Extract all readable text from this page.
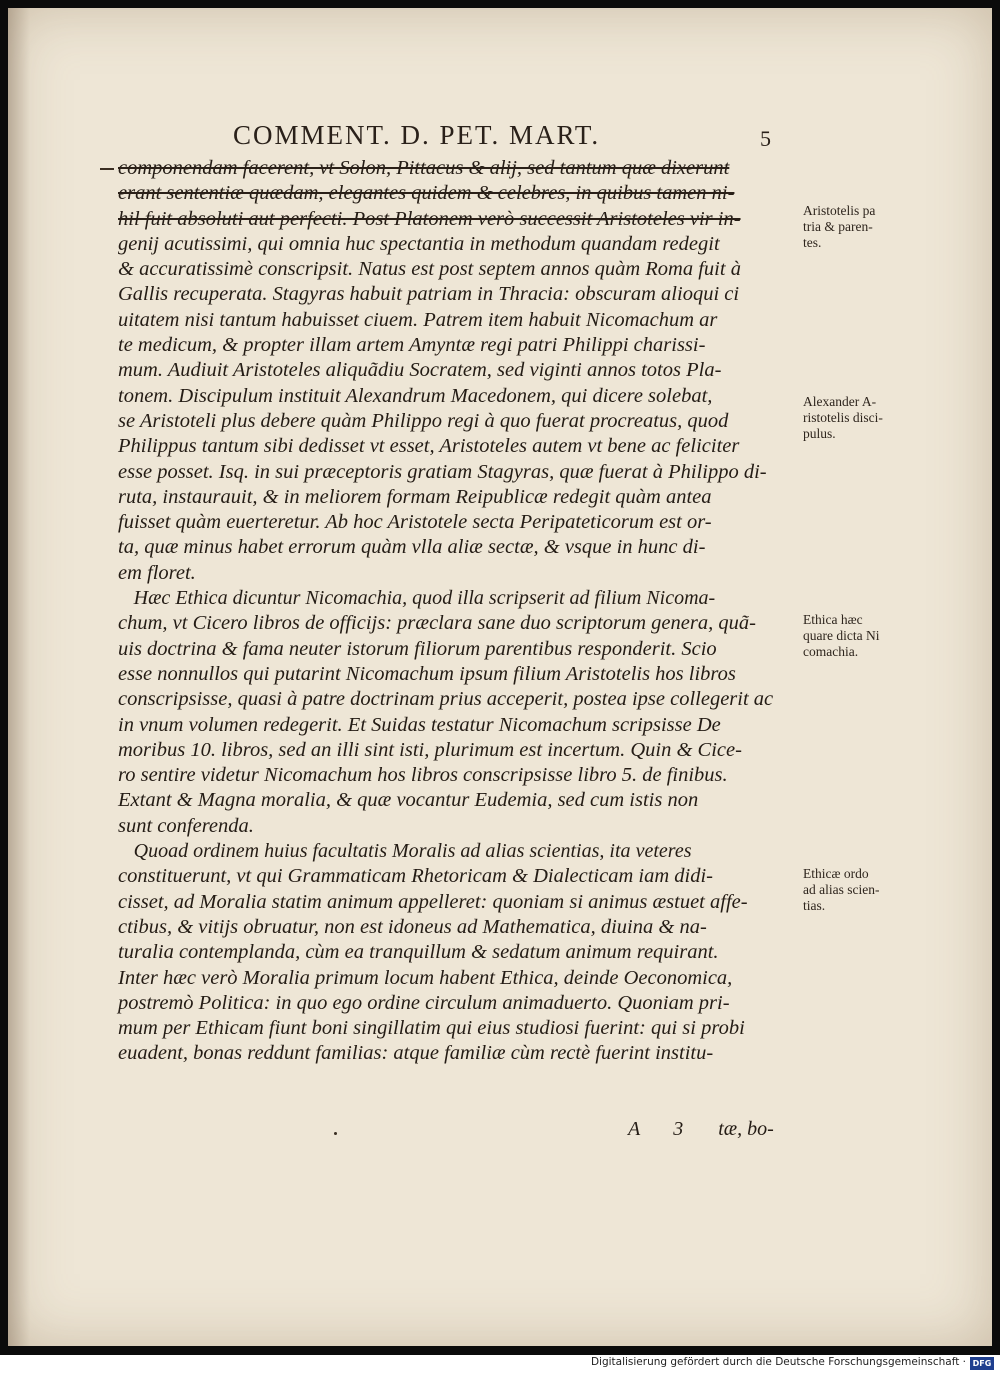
COMMENT. D. PET. MART.	5
componendam facerent, vt Solon, Pittacus & alij, sed tantum quæ dixerunt
erant sententiæ quædam, elegantes quidem & celebres, in quibus tamen ni-
hil fuit absoluti aut perfecti. Post Platonem verò successit Aristoteles vir in-
genij acutissimi, qui omnia huc spectantia in methodum quandam redegit
& accuratissimè conscripsit. Natus est post septem annos quàm Roma fuit à
Gallis recuperata. Stagyras habuit patriam in Thracia: obscuram alioqui ci
uitatem nisi tantum habuisset ciuem. Patrem item habuit Nicomachum ar
te medicum, & propter illam artem Amyntæ regi patri Philippi charissi-
mum. Audiuit Aristoteles aliquãdiu Socratem, sed viginti annos totos Pla-
tonem. Discipulum instituit Alexandrum Macedonem, qui dicere solebat,
se Aristoteli plus debere quàm Philippo regi à quo fuerat procreatus, quod
Philippus tantum sibi dedisset vt esset, Aristoteles autem vt bene ac feliciter
esse posset. Isq. in sui præceptoris gratiam Stagyras, quæ fuerat à Philippo di-
ruta, instaurauit, & in meliorem formam Reipublicæ redegit quàm antea
fuisset quàm euerteretur. Ab hoc Aristotele secta Peripateticorum est or-
ta, quæ minus habet errorum quàm vlla aliæ sectæ, & vsque in hunc di-
em floret.
Hæc Ethica dicuntur Nicomachia, quod illa scripserit ad filium Nicoma-
chum, vt Cicero libros de officijs: præclara sane duo scriptorum genera, quã-
uis doctrina & fama neuter istorum filiorum parentibus responderit. Scio
esse nonnullos qui putarint Nicomachum ipsum filium Aristotelis hos libros
conscripsisse, quasi à patre doctrinam prius acceperit, postea ipse collegerit ac
in vnum volumen redegerit. Et Suidas testatur Nicomachum scripsisse De
moribus 10. libros, sed an illi sint isti, plurimum est incertum. Quin & Cice-
ro sentire videtur Nicomachum hos libros conscripsisse libro 5. de finibus.
Extant & Magna moralia, & quæ vocantur Eudemia, sed cum istis non
sunt conferenda.
Quoad ordinem huius facultatis Moralis ad alias scientias, ita veteres
constituerunt, vt qui Grammaticam Rhetoricam & Dialecticam iam didi-
cisset, ad Moralia statim animum appelleret: quoniam si animus æstuet affe-
ctibus, & vitijs obruatur, non est idoneus ad Mathematica, diuina & na-
turalia contemplanda, cùm ea tranquillum & sedatum animum requirant.
Inter hæc verò Moralia primum locum habent Ethica, deinde Oeconomica,
postremò Politica: in quo ego ordine circulum animaduerto. Quoniam pri-
mum per Ethicam fiunt boni singillatim qui eius studiosi fuerint: qui si probi
euadent, bonas reddunt familias: atque familiæ cùm rectè fuerint institu-
Aristotelis pa
tria & paren-
tes.
Alexander A-
ristotelis disci-
pulus.
Ethica hæc
quare dicta Ni
comachia.
Ethicæ ordo
ad alias scien-
tias.
A 3 tæ, bo-
Digitalisierung gefördert durch die Deutsche Forschungsgemeinschaft · DFG
